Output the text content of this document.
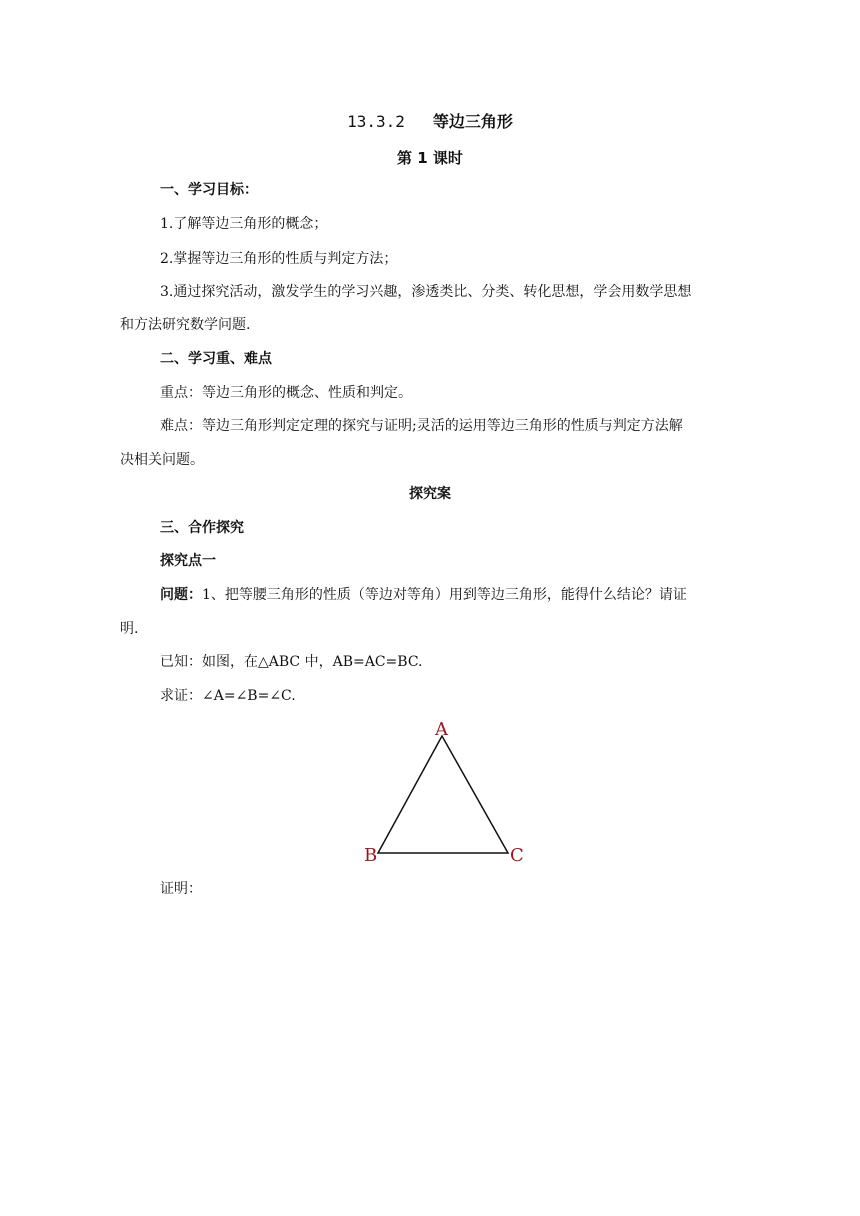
13.3.2 等边三角形
第 1 课时
一、学习目标：
1.了解等边三角形的概念；
2.掌握等边三角形的性质与判定方法；
3.通过探究活动，激发学生的学习兴趣，渗透类比、分类、转化思想，学会用数学思想
和方法研究数学问题.
二、学习重、难点
重点：等边三角形的概念、性质和判定。
难点：等边三角形判定定理的探究与证明;灵活的运用等边三角形的性质与判定方法解
决相关问题。
探究案
三、合作探究
探究点一
问题：1、把等腰三角形的性质（等边对等角）用到等边三角形，能得什么结论？请证
明.
已知：如图，在△ABC 中，AB=AC=BC.
求证：∠A=∠B=∠C.
A
B	C
证明：
